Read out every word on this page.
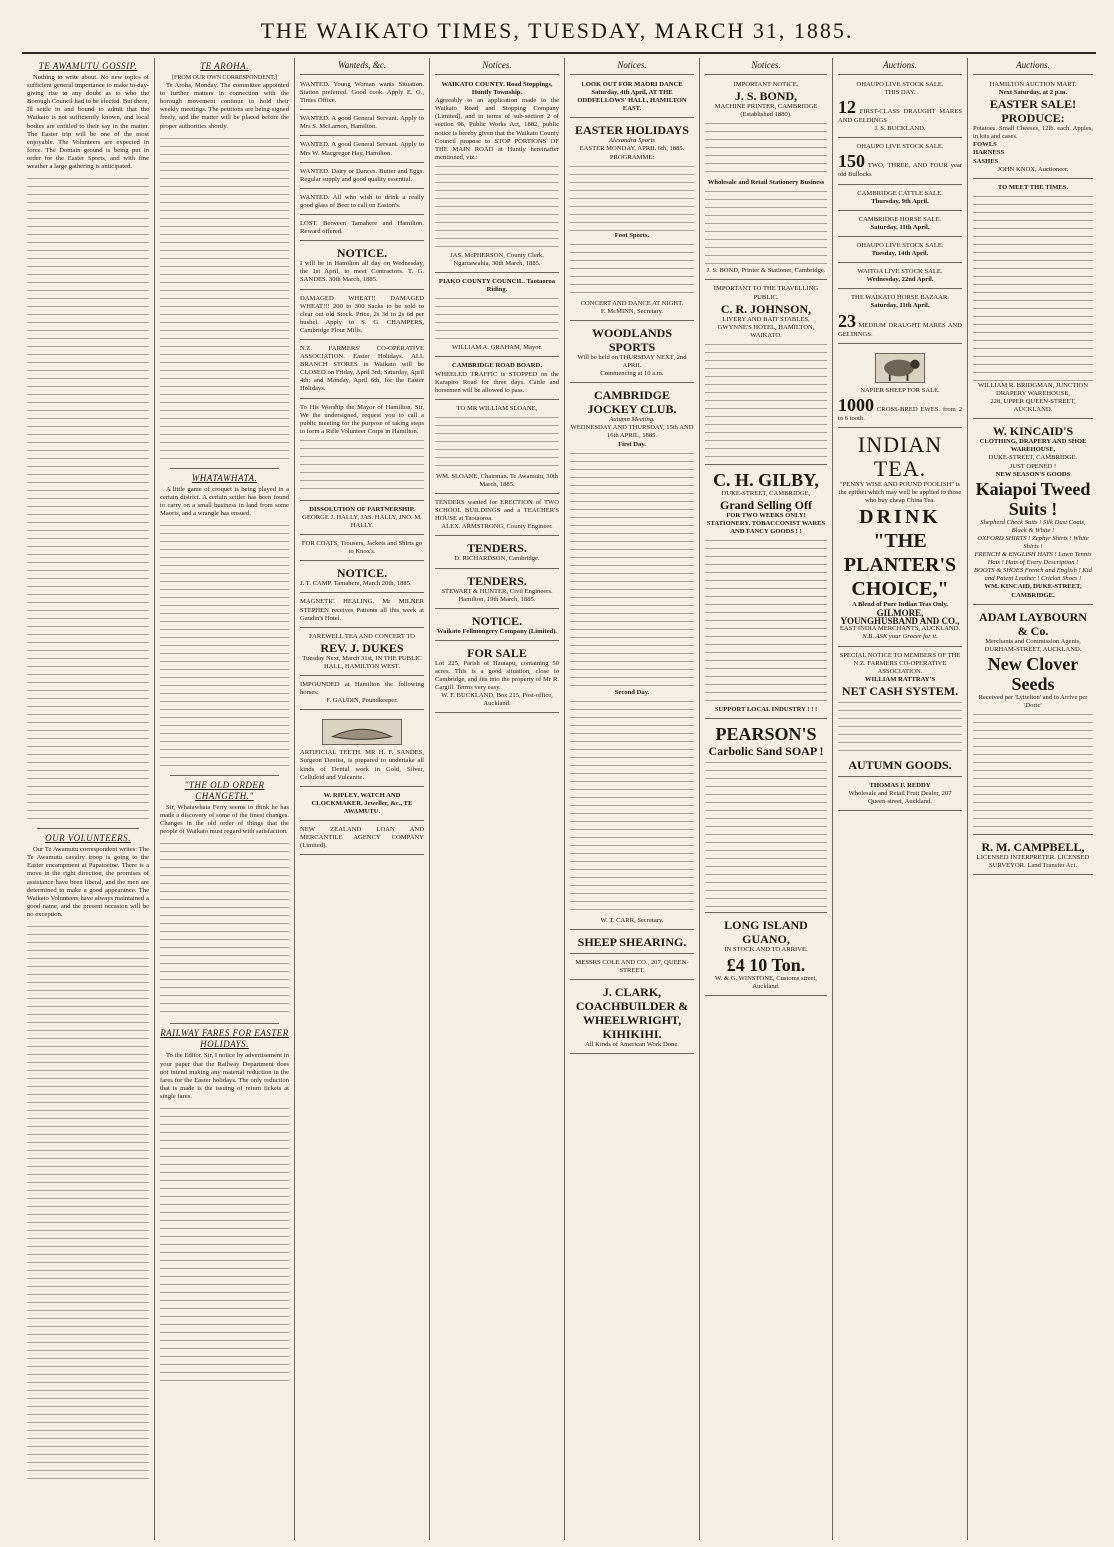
THE WAIKATO TIMES, TUESDAY, MARCH 31, 1885.
TE AWAMUTU GOSSIP.

Nothing to write about. No new topics of sufficient general importance to make to-day-giving rise to any doubt as to who the Borough Council had to be elected. But there, Ill settle in and bound to admit that the Waikato is not sufficiently known, and local bodies are entitled to their say in the matter. The Easter trip will be one of the most enjoyable. The Volunteers are expected in force. The Domain ground is being put in order for the Easter Sports, and with fine weather a large gathering is anticipated.

OUR VOLUNTEERS.

Our Te Awamutu correspondent writes: The Te Awamutu cavalry troop is going to the Easter encampment at Papatoetoe. There is a move in the right direction, the promises of assistance have been liberal, and the men are determined to make a good appearance. The Waikato Volunteers have always maintained a good name, and the present occasion will be no exception.

TE AROHA.
[FROM OUR OWN CORRESPONDENT.]

Te Aroha, Monday. The committee appointed to further matters in connection with the borough movement continue to hold their weekly meetings. The petitions are being signed freely, and the matter will be placed before the proper authorities shortly.

WHATAWHATA.

A little game of croquet is being played in a certain district. A certain settler has been found to carry on a small business in land from some Maoris, and a wrangle has ensued.

"THE OLD ORDER CHANGETH."

Sir, Whatawhata Ferry seems to think he has made a discovery of some of the finest changes. Changes in the old order of things that the people of Waikato must regard with satisfaction.

RAILWAY FARES FOR EASTER HOLIDAYS.

To the Editor. Sir, I notice by advertisement in your paper that the Railway Department does not intend making any material reduction in the fares for the Easter holidays. The only reduction that is made is the issuing of return tickets at single fares.

Wanteds, &c.
WANTED. Young Woman wants Situation. Station preferred. Good cook. Apply E. O., Times Office.
WANTED. A good General Servant. Apply to Mrs S. McLarnon, Hamilton.
WANTED. A good General Servant. Apply to Mrs W. Macgregor Hay, Hamilton.
WANTED. Dairy or Dances. Butter and Eggs. Regular supply and good quality essential.
WANTED. All who wish to drink a really good glass of Beer to call on Easton's.
LOST. Between Tamahere and Hamilton. Reward offered.
NOTICE.
I will be in Hamilton all day on Wednesday, the 1st April, to meet Contractors. T. G. SANDES. 30th March, 1885.
DAMAGED WHEAT!! DAMAGED WHEAT!!! 200 to 300 Sacks to be sold to clear out old Stock. Price, 2s 3d to 2s 6d per bushel. Apply to S. G. CHAMPERS, Cambridge Flour Mills.
N.Z. FARMERS' CO-OPERATIVE ASSOCIATION. Easter Holidays. ALL BRANCH STORES in Waikato will be CLOSED on Friday, April 3rd; Saturday, April 4th; and Monday, April 6th, for the Easter Holidays.
To His Worship the Mayor of Hamilton. Sir, We the undersigned, request you to call a public meeting for the purpose of taking steps to form a Rifle Volunteer Corps in Hamilton.
DISSOLUTION OF PARTNERSHIP.
GEORGE J. HALLY, JAS. HALLY, JNO. M. HALLY.
FOR COATS, Trousers, Jackets and Shirts go to Knox's.
NOTICE.
J. T. CAMP. Tamahere, March 20th, 1885.
MAGNETIC HEALING. Mr MILNER STEPHEN receives Patients all this week at Gaudin's Hotel.
FAREWELL TEA AND CONCERT TO
REV. J. DUKES
Tuesday Next, March 31st, IN THE PUBLIC HALL, HAMILTON WEST.
IMPOUNDED at Hamilton the following horses:
F. GAUDIN, Poundkeeper.
ARTIFICIAL TEETH. MR H. F. SANDES, Surgeon Dentist, is prepared to undertake all kinds of Dental work in Gold, Silver, Celluloid and Vulcanite.
W. RIPLEY, WATCH AND CLOCKMAKER, Jeweller, &c., TE AWAMUTU.
NEW ZEALAND LOAN AND MERCANTILE AGENCY COMPANY (Limited).
Notices.
WAIKATO COUNTY. Road Stoppings, Huntly Township.
Agreeably to an application made to the Waikato Road and Stopping Company (Limited), and in terms of sub-section 2 of section 96, Public Works Act, 1882, public notice is hereby given that the Waikato County Council propose to STOP PORTIONS OF THE MAIN ROAD at Huntly hereinafter mentioned, viz.:
JAS. McPHERSON, County Clerk. Ngaruawahia, 30th March, 1885.
PIAKO COUNTY COUNCIL. Taotaoroa Riding.
WILLIAM A. GRAHAM, Mayor.
CAMBRIDGE ROAD BOARD.
WHEELED TRAFFIC is STOPPED on the Karapiro Road for three days. Cattle and horsemen will be allowed to pass.
TO MR WILLIAM SLOANE,
WM. SLOANE, Chairman. Te Awamutu, 30th March, 1885.
TENDERS wanted for ERECTION of TWO SCHOOL BUILDINGS and a TEACHER'S HOUSE at Taotaoroa.
ALEX. ARMSTRONG, County Engineer.
TENDERS.
D. RICHARDSON, Cambridge.
TENDERS.
STEWART & HUNTER, Civil Engineers. Hamilton, 19th March, 1885.
NOTICE.
Waikato Fellmongery Company (Limited).
FOR SALE
Lot 225, Parish of Hautapu, containing 50 acres. This is a good situation, close to Cambridge, and fits into the property of Mr R. Cargill. Terms very easy.
W. F. BUCKLAND, Box 215, Post-office, Auckland.
Notices.
LOOK OUT FOR MAORI DANCE Saturday, 4th April, AT THE ODDFELLOWS' HALL, HAMILTON EAST.
EASTER HOLIDAYS
Alexandra Sports
EASTER MONDAY, APRIL 6th, 1885.
PROGRAMME:
Foot Sports.
CONCERT AND DANCE AT NIGHT.
F. McMINN, Secretary.
WOODLANDS SPORTS
Will be held on THURSDAY NEXT, 2nd APRIL
Commencing at 10 a.m.
CAMBRIDGE JOCKEY CLUB.
Autumn Meeting.
WEDNESDAY AND THURSDAY, 15th AND 16th APRIL, 1885.
First Day.
Second Day.
W. T. CARR, Secretary.
SHEEP SHEARING.
MESSRS COLE AND CO., 207, QUEEN-STREET.
J. CLARK, COACHBUILDER & WHEELWRIGHT, KIHIKIHI.
All Kinds of American Work Done.
Notices.
IMPORTANT NOTICE.
J. S. BOND,
MACHINE PRINTER, CAMBRIDGE (Established 1880).
Wholesale and Retail Stationery Business
J. S. BOND, Printer & Stationer, Cambridge.
IMPORTANT TO THE TRAVELLING PUBLIC.
C. R. JOHNSON,
LIVERY AND BAIT STABLES, GWYNNE'S HOTEL, HAMILTON, WAIKATO.
C. H. GILBY,
DUKE-STREET, CAMBRIDGE,
Grand Selling Off
FOR TWO WEEKS ONLY!
STATIONERY, TOBACCONIST WARES AND FANCY GOODS ! !
SUPPORT LOCAL INDUSTRY ! ! !
PEARSON'S
Carbolic Sand SOAP !
LONG ISLAND GUANO,
IN STOCK AND TO ARRIVE.
£4 10 Ton.
W. & G. WINSTONE, Customs street, Auckland.
Auctions.
OHAUPO LIVE STOCK SALE.
THIS DAY.
12 FIRST-CLASS DRAUGHT MARES AND GELDINGS
J. S. BUCKLAND.
OHAUPO LIVE STOCK SALE.
150 TWO, THREE, AND FOUR year old Bullocks
CAMBRIDGE CATTLE SALE.
Thursday, 9th April.
CAMBRIDGE HORSE SALE.
Saturday, 11th April.
OHAUPO LIVE STOCK SALE.
Tuesday, 14th April.
WAITOA LIVE STOCK SALE.
Wednesday, 22nd April.
THE WAIKATO HORSE BAZAAR.
Saturday, 11th April.
23 MEDIUM DRAUGHT MARES AND GELDINGS.
NAPIER SHEEP FOR SALE.
1000 CROSS-BRED EWES. from 2 to 6 tooth.
INDIAN TEA.
"PENNY WISE AND POUND FOOLISH" is the epithet which may well be applied to those who buy cheap China Tea.
DRINK
"THE PLANTER'S CHOICE,"
A Blend of Pure Indian Teas Only.
GILMORE, YOUNGHUSBAND AND CO.,
EAST INDIA MERCHANTS, AUCKLAND.
N.B. ASK your Grocer for it.
SPECIAL NOTICE TO MEMBERS OF THE N.Z. FARMERS CO-OPERATIVE ASSOCIATION.
WILLIAM RATTRAY'S
NET CASH SYSTEM.
AUTUMN GOODS.
THOMAS F. REDDY
Wholesale and Retail Fruit Dealer, 207 Queen-street, Auckland.
Auctions.
HAMILTON AUCTION MART.
Next Saturday, at 2 p.m.
EASTER SALE!
PRODUCE:
Potatoes. Small Cheeses, 12lb. each. Apples, in kits and cases.
FOWLS
HARNESS
SASHES
JOHN KNOX, Auctioneer.
TO MEET THE TIMES.
WILLIAM R. BRIDGMAN, JUNCTION DRAPERY WAREHOUSE,
228, UPPER QUEEN-STREET, AUCKLAND.
W. KINCAID'S
CLOTHING, DRAPERY AND SHOE WAREHOUSE,
DUKE-STREET, CAMBRIDGE.
JUST OPENED !
NEW SEASON'S GOODS
Kaiapoi Tweed Suits !
Shepherd Check Suits ! Silk Dust Coats, Black & White !
OXFORD SHIRTS ! Zephyr Shirts ! White Shirts !
FRENCH & ENGLISH HATS ! Lawn Tennis Hats ! Hats of Every Description !
BOOTS & SHOES French and English ! Kid and Patent Leather ! Cricket Shoes !
WM. KINCAID, DUKE-STREET, CAMBRIDGE.
ADAM LAYBOURN & Co.
Merchants and Commission Agents, DURHAM-STREET, AUCKLAND.
New Clover Seeds
Received per 'Lyttelton' and to Arrive per 'Doric'
R. M. CAMPBELL,
LICENSED INTERPRETER. LICENSED SURVEYOR. Land Transfer Act.
